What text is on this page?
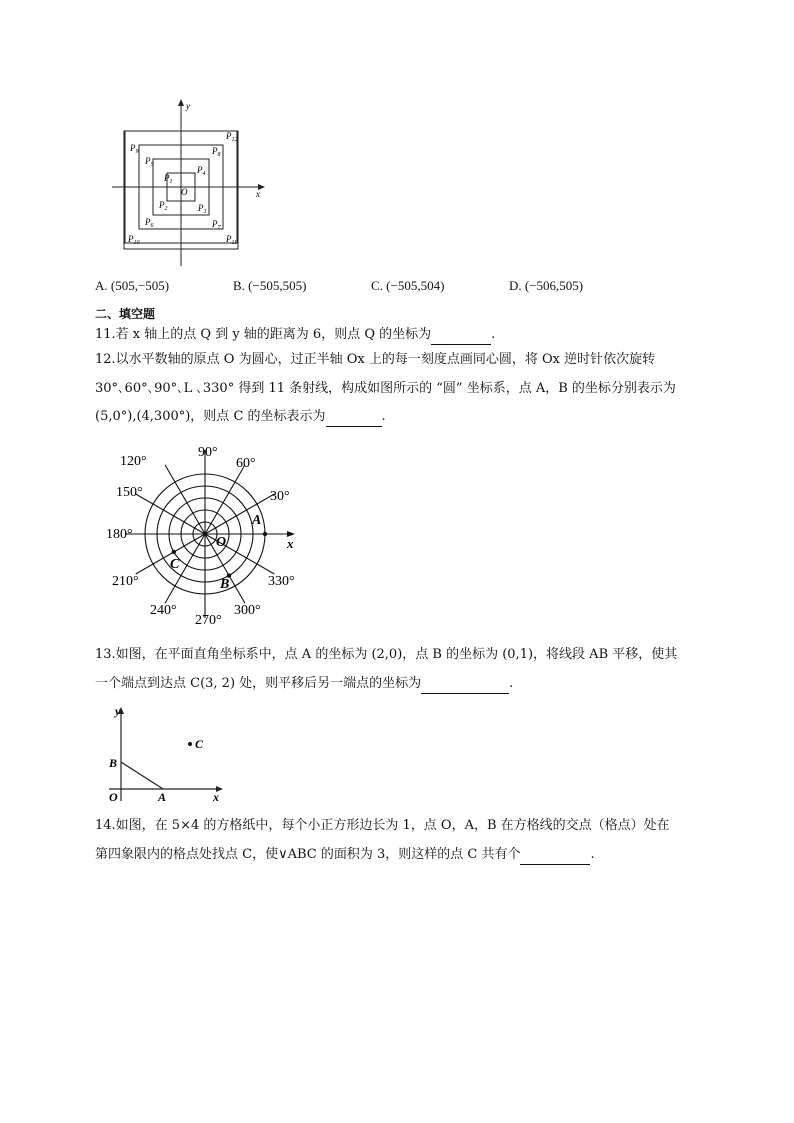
y
x
O
$P_1$
$P_2$	$P_3$
$P_4$
$P_5$
$P_6$	$P_7$
$P_8$
$P_9$
$P_{10}$	$P_{11}$
$P_{12}$
A. (505,−505)	B. (−505,505)	C. (−505,504)	D. (−506,505)
二、填空题
11.若 x 轴上的点 Q 到 y 轴的距离为 6，则点 Q 的坐标为	.
12.以水平数轴的原点 O 为圆心，过正半轴 Ox 上的每一刻度点画同心圆，将 Ox 逆时针依次旋转
30°､60°､90°､L ､330° 得到 11 条射线，构成如图所示的 “圆” 坐标系，点 A，B 的坐标分别表示为
(5,0°),(4,300°)，则点 C 的坐标表示为	.
90°
60°
30°
120°
150°
180°
210°
240°
270°
300°
330°
A
B
C
O	x
13.如图，在平面直角坐标系中，点 A 的坐标为 (2,0)，点 B 的坐标为 (0,1)，将线段 AB 平移，使其
一个端点到达点 C(3, 2) 处，则平移后另一端点的坐标为	.
y
x
O	A
B
C
14.如图，在 5×4 的方格纸中，每个小正方形边长为 1，点 O，A，B 在方格线的交点（格点）处在
第四象限内的格点处找点 C，使∨ABC 的面积为 3，则这样的点 C 共有个	.
